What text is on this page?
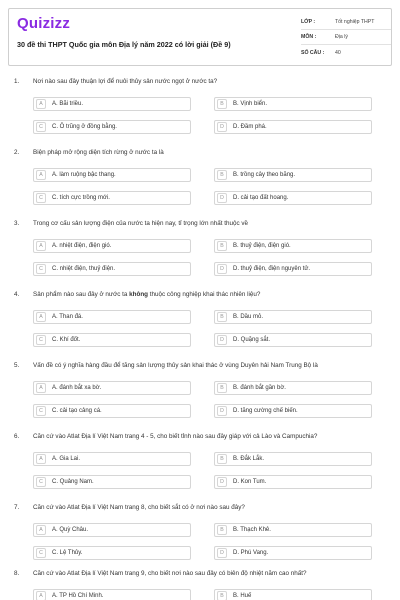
Quizizz
30 đề thi THPT Quốc gia môn Địa lý năm 2022 có lời giải (Đề 9)
LỚP :	Tốt nghiệp THPT
MÔN :	Địa lý
SỐ CÂU :	40
1. Nơi nào sau đây thuận lợi để nuôi thủy sản nước ngọt ở nước ta?
A	A. Bãi triều.	B	B. Vịnh biển.
C	C. Ô trũng ở đồng bằng.	D	D. Đầm phá.
2. Biện pháp mở rộng diện tích rừng ở nước ta là
A	A. làm ruộng bậc thang.	B	B. trồng cây theo băng.
C	C. tích cực trồng mới.	D	D. cải tạo đất hoang.
3. Trong cơ cấu sản lượng điện của nước ta hiện nay, tỉ trọng lớn nhất thuộc về
A	A. nhiệt điện, điện gió.	B	B. thuỷ điện, điện gió.
C	C. nhiệt điện, thuỷ điện.	D	D. thuỷ điện, điện nguyên tử.
4. Sản phẩm nào sau đây ở nước ta không thuộc công nghiệp khai thác nhiên liệu?
A	A. Than đá.	B	B. Dầu mỏ.
C	C. Khí đốt.	D	D. Quặng sắt.
5. Vấn đề có ý nghĩa hàng đầu để tăng sản lượng thủy sản khai thác ở vùng Duyên hải Nam Trung Bộ là
A	A. đánh bắt xa bờ.	B	B. đánh bắt gần bờ.
C	C. cải tạo cảng cá.	D	D. tăng cường chế biến.
6. Căn cứ vào Atlat Địa lí Việt Nam trang 4 - 5, cho biết tỉnh nào sau đây giáp với cả Lào và Campuchia?
A	A. Gia Lai.	B	B. Đắk Lắk.
C	C. Quảng Nam.	D	D. Kon Tum.
7. Căn cứ vào Atlat Địa lí Việt Nam trang 8, cho biết sắt có ở nơi nào sau đây?
A	A. Quỳ Châu.	B	B. Thạch Khê.
C	C. Lệ Thủy.	D	D. Phú Vang.
8. Căn cứ vào Atlat Địa lí Việt Nam trang 9, cho biết nơi nào sau đây có biên độ nhiệt năm cao nhất?
A	A. TP Hồ Chí Minh.	B	B. Huế
